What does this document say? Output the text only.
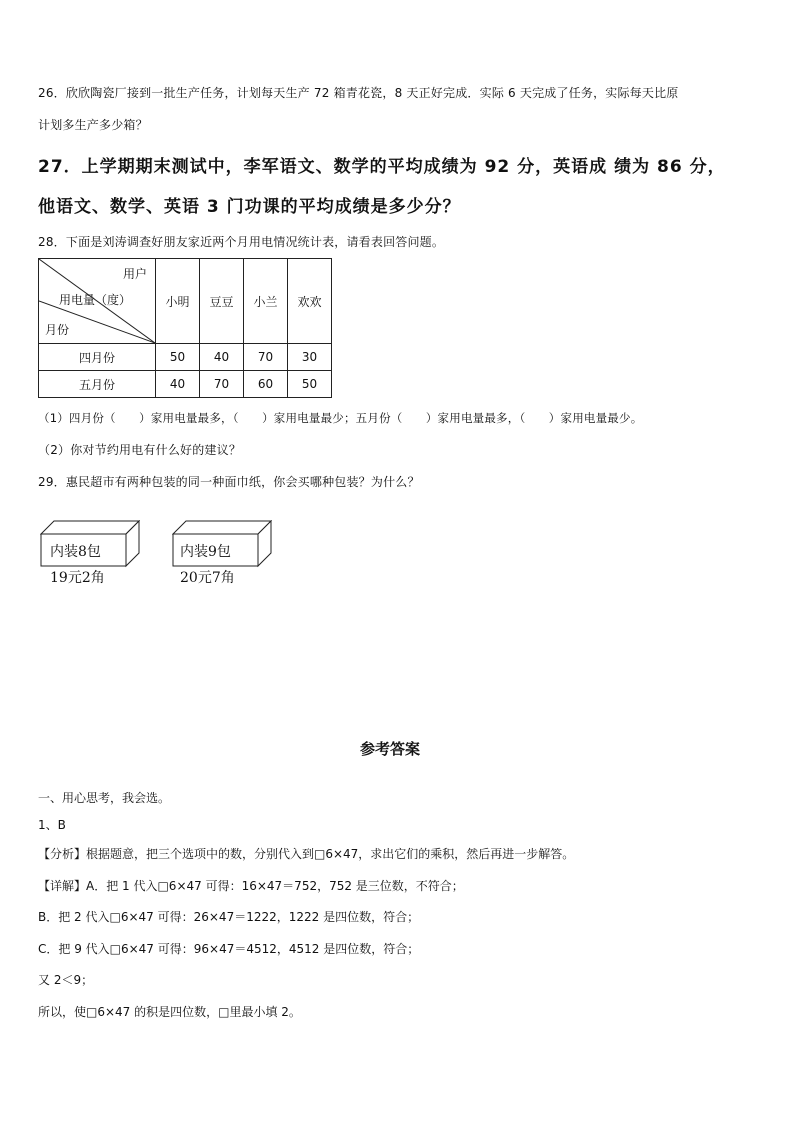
26．欣欣陶瓷厂接到一批生产任务，计划每天生产 72 箱青花瓷，8 天正好完成．实际 6 天完成了任务，实际每天比原
计划多生产多少箱？
27．上学期期末测试中，李军语文、数学的平均成绩为 92 分，英语成 绩为 86 分，
他语文、数学、英语 3 门功课的平均成绩是多少分？
28．下面是刘涛调查好朋友家近两个月用电情况统计表，请看表回答问题。
用户
用电量（度）
月份	小明	豆豆	小兰	欢欢
四月份	50	40	70	30
五月份	40	70	60	50
（1）四月份（　　）家用电量最多，（　　）家用电量最少；五月份（　　）家用电量最多，（　　）家用电量最少。
（2）你对节约用电有什么好的建议？
29．惠民超市有两种包装的同一种面巾纸，你会买哪种包装？为什么？
内装8包
19元2角
内装9包
20元7角
参考答案
一、用心思考，我会选。
1、B
【分析】根据题意，把三个选项中的数，分别代入到□6×47，求出它们的乘积，然后再进一步解答。
【详解】A．把 1 代入□6×47 可得：16×47＝752，752 是三位数，不符合；
B．把 2 代入□6×47 可得：26×47＝1222，1222 是四位数，符合；
C．把 9 代入□6×47 可得：96×47＝4512，4512 是四位数，符合；
又 2＜9；
所以，使□6×47 的积是四位数，□里最小填 2。
